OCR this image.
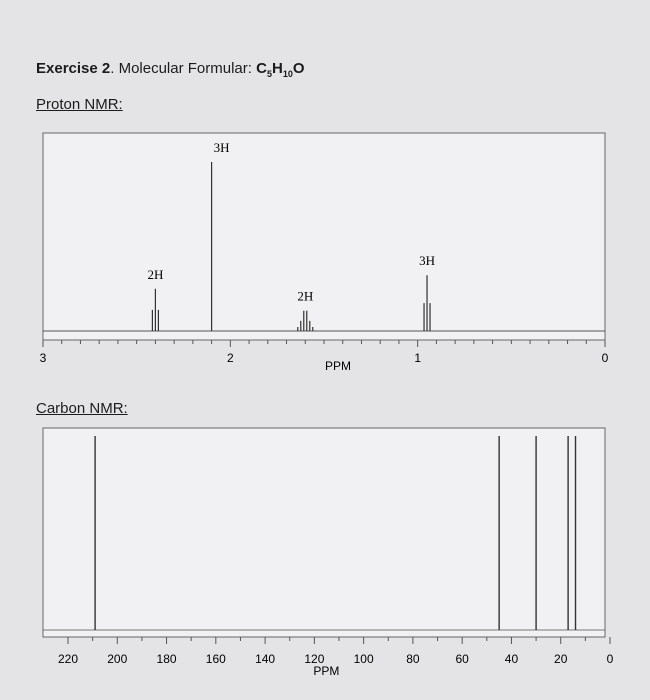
Exercise 2. Molecular Formular: $C_5H_{10}O$
Proton NMR:
Carbon NMR:
3	2	1	0
PPM
2H
3H
2H
3H
220 200 180 160 140 120 100	80	60	40	20	0
PPM
